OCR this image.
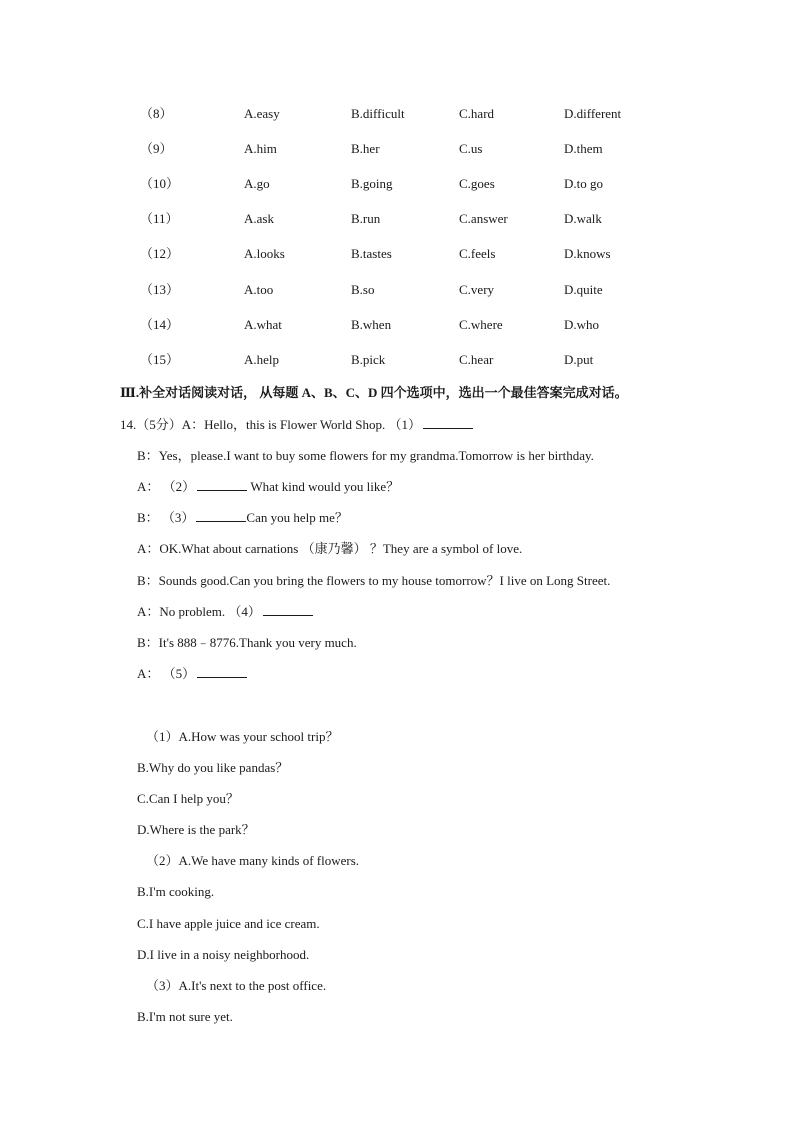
（8）	A.easy	B.difficult	C.hard	D.different
（9）	A.him	B.her	C.us	D.them
（10）	A.go	B.going	C.goes	D.to go
（11）	A.ask	B.run	C.answer	D.walk
（12）	A.looks	B.tastes	C.feels	D.knows
（13）	A.too	B.so	C.very	D.quite
（14）	A.what	B.when	C.where	D.who
（15）	A.help	B.pick	C.hear	D.put
Ⅲ.补全对话阅读对话， 从每题 A、B、C、D 四个选项中，选出一个最佳答案完成对话。
14.（5分）A：Hello，this is Flower World Shop. （1）
B：Yes，please.I want to buy some flowers for my grandma.Tomorrow is her birthday.
A： （2）	What kind would you like？
B： （3）	Can you help me？
A：OK.What about carnations （康乃馨） ？They are a symbol of love.
B：Sounds good.Can you bring the flowers to my house tomorrow？I live on Long Street.
A：No problem. （4）
B：It's 888﹣8776.Thank you very much.
A： （5）
（1）A.How was your school trip？
B.Why do you like pandas？
C.Can I help you？
D.Where is the park？
（2）A.We have many kinds of flowers.
B.I'm cooking.
C.I have apple juice and ice cream.
D.I live in a noisy neighborhood.
（3）A.It's next to the post office.
B.I'm not sure yet.
